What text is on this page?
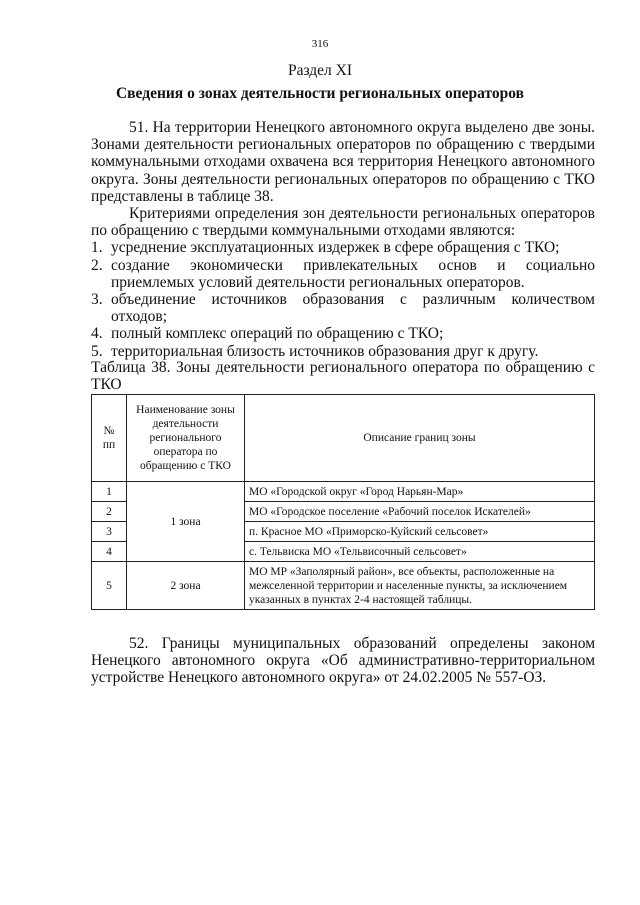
316
Раздел XI
Сведения о зонах деятельности региональных операторов

51. На территории Ненецкого автономного округа выделено две зоны. Зонами деятельности региональных операторов по обращению с твердыми коммунальными отходами охвачена вся территория Ненецкого автономного округа. Зоны деятельности региональных операторов по обращению с ТКО представлены в таблице 38.

Критериями определения зон деятельности региональных операторов по обращению с твердыми коммунальными отходами являются:

1. усреднение эксплуатационных издержек в сфере обращения с ТКО;
2. создание экономически привлекательных основ и социально приемлемых условий деятельности региональных операторов.
3. объединение источников образования с различным количеством отходов;
4. полный комплекс операций по обращению с ТКО;
5. территориальная близость источников образования друг к другу.
Таблица 38. Зоны деятельности регионального оператора по обращению с ТКО
№ пп	Наименование зоны деятельности регионального оператора по обращению с ТКО	Описание границ зоны
1	1 зона	МО «Городской округ «Город Нарьян-Мар»
2		МО «Городское поселение «Рабочий поселок Искателей»
3		п. Красное МО «Приморско-Куйский сельсовет»
4		с. Тельвиска МО «Тельвисочный сельсовет»
5	2 зона	МО МР «Заполярный район», все объекты, расположенные на межселенной территории и населенные пункты, за исключением указанных в пунктах 2-4 настоящей таблицы.

52. Границы муниципальных образований определены законом Ненецкого автономного округа «Об административно-территориальном устройстве Ненецкого автономного округа» от 24.02.2005 № 557-ОЗ.
